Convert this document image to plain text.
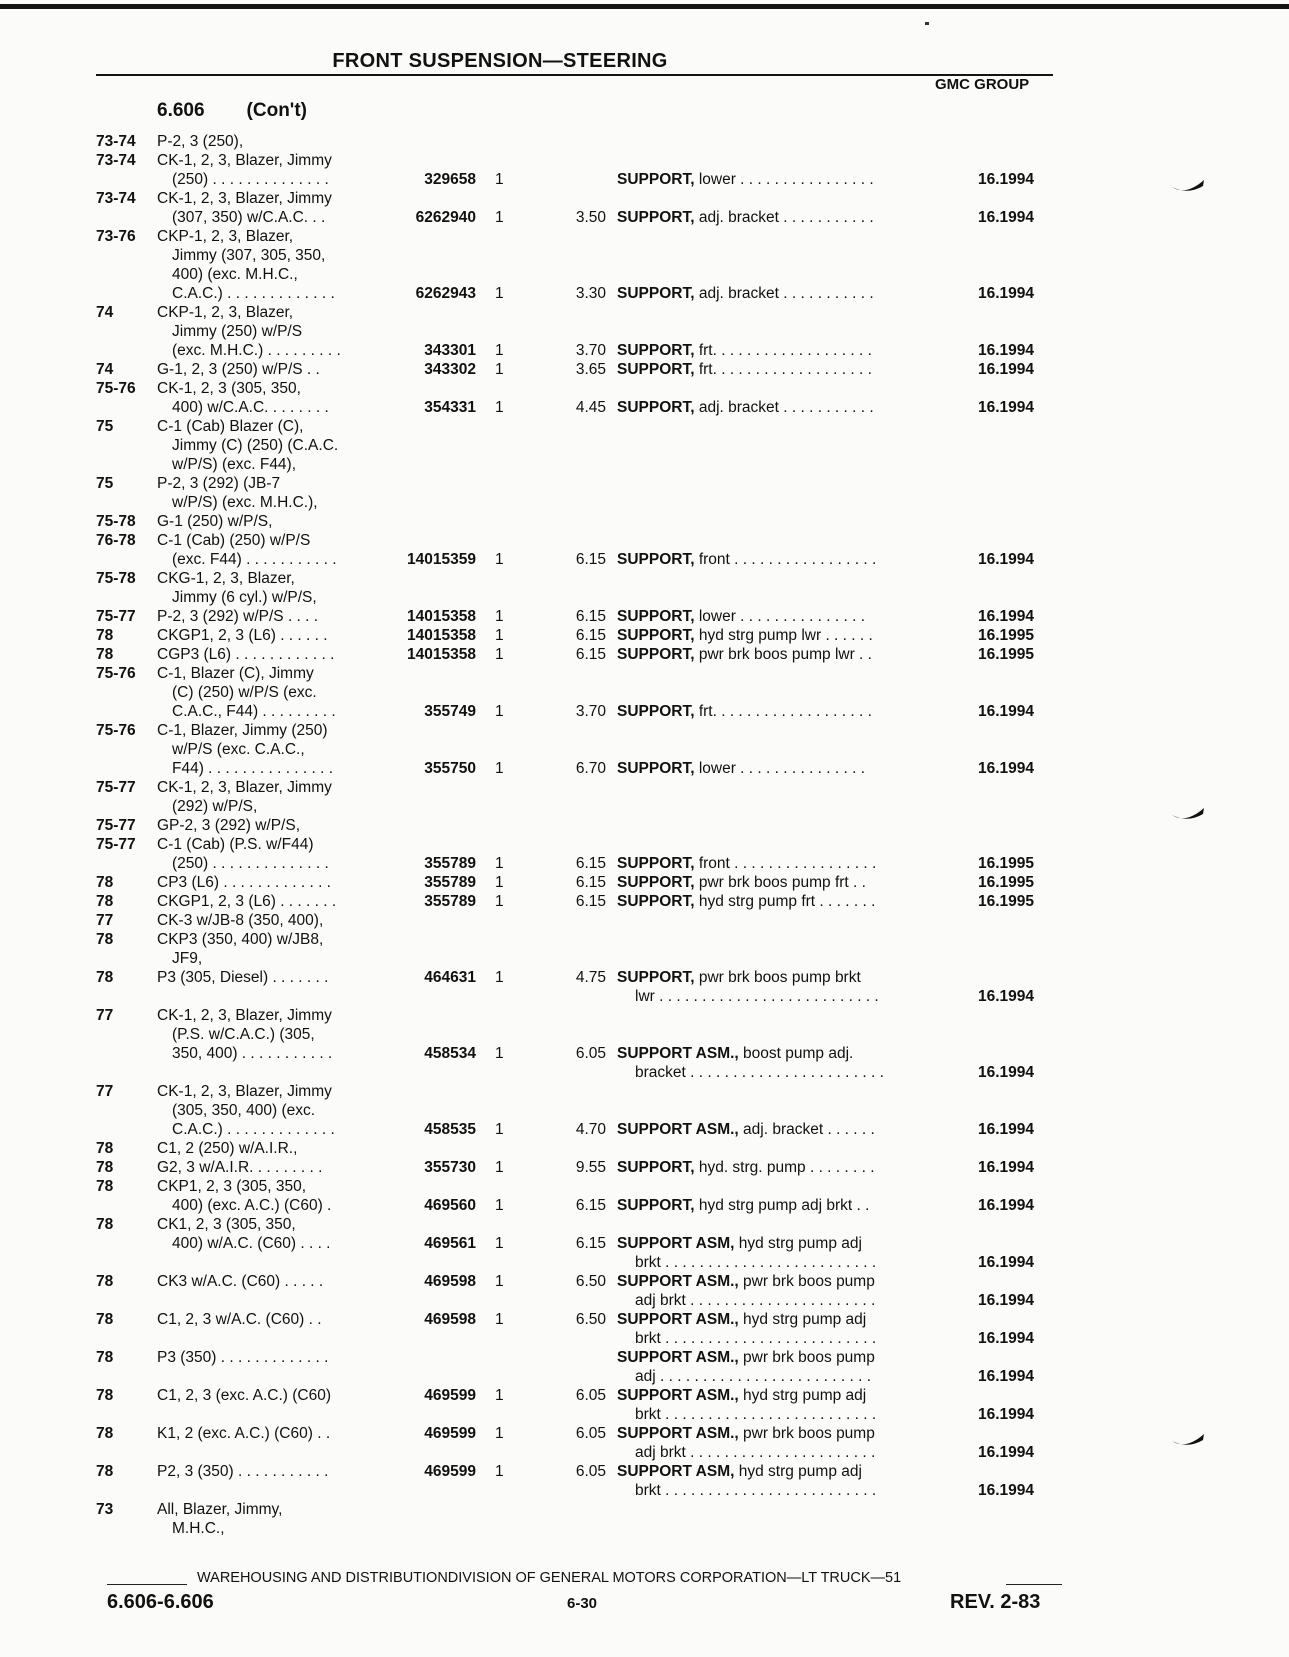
FRONT SUSPENSION—STEERING
GMC GROUP
6.606 (Con't)
73-74 P-2, 3 (250),
73-74 CK-1, 2, 3, Blazer, Jimmy
(250) . . . . . . . . . . . . . .	329658 1	SUPPORT, lower . . . . . . . . . . . . . . . .	16.1994
73-74 CK-1, 2, 3, Blazer, Jimmy
(307, 350) w/C.A.C. . .	6262940 1	3.50 SUPPORT, adj. bracket . . . . . . . . . . .	16.1994
73-76 CKP-1, 2, 3, Blazer,
Jimmy (307, 305, 350,
400) (exc. M.H.C.,
C.A.C.) . . . . . . . . . . . . .	6262943 1	3.30 SUPPORT, adj. bracket . . . . . . . . . . .	16.1994
74	CKP-1, 2, 3, Blazer,
Jimmy (250) w/P/S
(exc. M.H.C.) . . . . . . . . .	343301 1	3.70 SUPPORT, frt. . . . . . . . . . . . . . . . . . .	16.1994
74	G-1, 2, 3 (250) w/P/S . .	343302 1	3.65 SUPPORT, frt. . . . . . . . . . . . . . . . . . .	16.1994
75-76 CK-1, 2, 3 (305, 350,
400) w/C.A.C. . . . . . . .	354331 1	4.45 SUPPORT, adj. bracket . . . . . . . . . . .	16.1994
75	C-1 (Cab) Blazer (C),
Jimmy (C) (250) (C.A.C.
w/P/S) (exc. F44),
75	P-2, 3 (292) (JB-7
w/P/S) (exc. M.H.C.),
75-78 G-1 (250) w/P/S,
76-78 C-1 (Cab) (250) w/P/S
(exc. F44) . . . . . . . . . . .	14015359 1	6.15 SUPPORT, front . . . . . . . . . . . . . . . . .	16.1994
75-78 CKG-1, 2, 3, Blazer,
Jimmy (6 cyl.) w/P/S,
75-77 P-2, 3 (292) w/P/S . . . .	14015358 1	6.15 SUPPORT, lower . . . . . . . . . . . . . . .	16.1994
78	CKGP1, 2, 3 (L6) . . . . . .	14015358 1	6.15 SUPPORT, hyd strg pump lwr . . . . . .	16.1995
78	CGP3 (L6) . . . . . . . . . . . .	14015358 1	6.15 SUPPORT, pwr brk boos pump lwr . .	16.1995
75-76 C-1, Blazer (C), Jimmy
(C) (250) w/P/S (exc.
C.A.C., F44) . . . . . . . . .	355749 1	3.70 SUPPORT, frt. . . . . . . . . . . . . . . . . . .	16.1994
75-76 C-1, Blazer, Jimmy (250)
w/P/S (exc. C.A.C.,
F44) . . . . . . . . . . . . . . .	355750 1	6.70 SUPPORT, lower . . . . . . . . . . . . . . .	16.1994
75-77 CK-1, 2, 3, Blazer, Jimmy
(292) w/P/S,
75-77 GP-2, 3 (292) w/P/S,
75-77 C-1 (Cab) (P.S. w/F44)
(250) . . . . . . . . . . . . . .	355789 1	6.15 SUPPORT, front . . . . . . . . . . . . . . . . .	16.1995
78	CP3 (L6) . . . . . . . . . . . . .	355789 1	6.15 SUPPORT, pwr brk boos pump frt . .	16.1995
78	CKGP1, 2, 3 (L6) . . . . . . .	355789 1	6.15 SUPPORT, hyd strg pump frt . . . . . . .	16.1995
77	CK-3 w/JB-8 (350, 400),
78	CKP3 (350, 400) w/JB8,
JF9,
78	P3 (305, Diesel) . . . . . . .	464631 1	4.75 SUPPORT, pwr brk boos pump brkt
lwr . . . . . . . . . . . . . . . . . . . . . . . . . .	16.1994
77	CK-1, 2, 3, Blazer, Jimmy
(P.S. w/C.A.C.) (305,
350, 400) . . . . . . . . . . .	458534 1	6.05 SUPPORT ASM., boost pump adj.
bracket . . . . . . . . . . . . . . . . . . . . . . .	16.1994
77	CK-1, 2, 3, Blazer, Jimmy
(305, 350, 400) (exc.
C.A.C.) . . . . . . . . . . . . .	458535 1	4.70 SUPPORT ASM., adj. bracket . . . . . .	16.1994
78	C1, 2 (250) w/A.I.R.,
78	G2, 3 w/A.I.R. . . . . . . . .	355730 1	9.55 SUPPORT, hyd. strg. pump . . . . . . . .	16.1994
78	CKP1, 2, 3 (305, 350,
400) (exc. A.C.) (C60) .	469560 1	6.15 SUPPORT, hyd strg pump adj brkt . .	16.1994
78	CK1, 2, 3 (305, 350,
400) w/A.C. (C60) . . . .	469561 1	6.15 SUPPORT ASM, hyd strg pump adj
brkt . . . . . . . . . . . . . . . . . . . . . . . . .	16.1994
78	CK3 w/A.C. (C60) . . . . .	469598 1	6.50 SUPPORT ASM., pwr brk boos pump
adj brkt . . . . . . . . . . . . . . . . . . . . . .	16.1994
78	C1, 2, 3 w/A.C. (C60) . .	469598 1	6.50 SUPPORT ASM., hyd strg pump adj
brkt . . . . . . . . . . . . . . . . . . . . . . . . .	16.1994
78	P3 (350) . . . . . . . . . . . . .	SUPPORT ASM., pwr brk boos pump
adj . . . . . . . . . . . . . . . . . . . . . . . . .	16.1994
78	C1, 2, 3 (exc. A.C.) (C60)	469599 1	6.05 SUPPORT ASM., hyd strg pump adj
brkt . . . . . . . . . . . . . . . . . . . . . . . . .	16.1994
78	K1, 2 (exc. A.C.) (C60) . .	469599 1	6.05 SUPPORT ASM., pwr brk boos pump
adj brkt . . . . . . . . . . . . . . . . . . . . . .	16.1994
78	P2, 3 (350) . . . . . . . . . . .	469599 1	6.05 SUPPORT ASM, hyd strg pump adj
brkt . . . . . . . . . . . . . . . . . . . . . . . . .	16.1994
73	All, Blazer, Jimmy,
M.H.C.,
WAREHOUSING AND DISTRIBUTIONDIVISION OF GENERAL MOTORS CORPORATION—LT TRUCK—51
6.606-6.606	6-30	REV. 2-83
